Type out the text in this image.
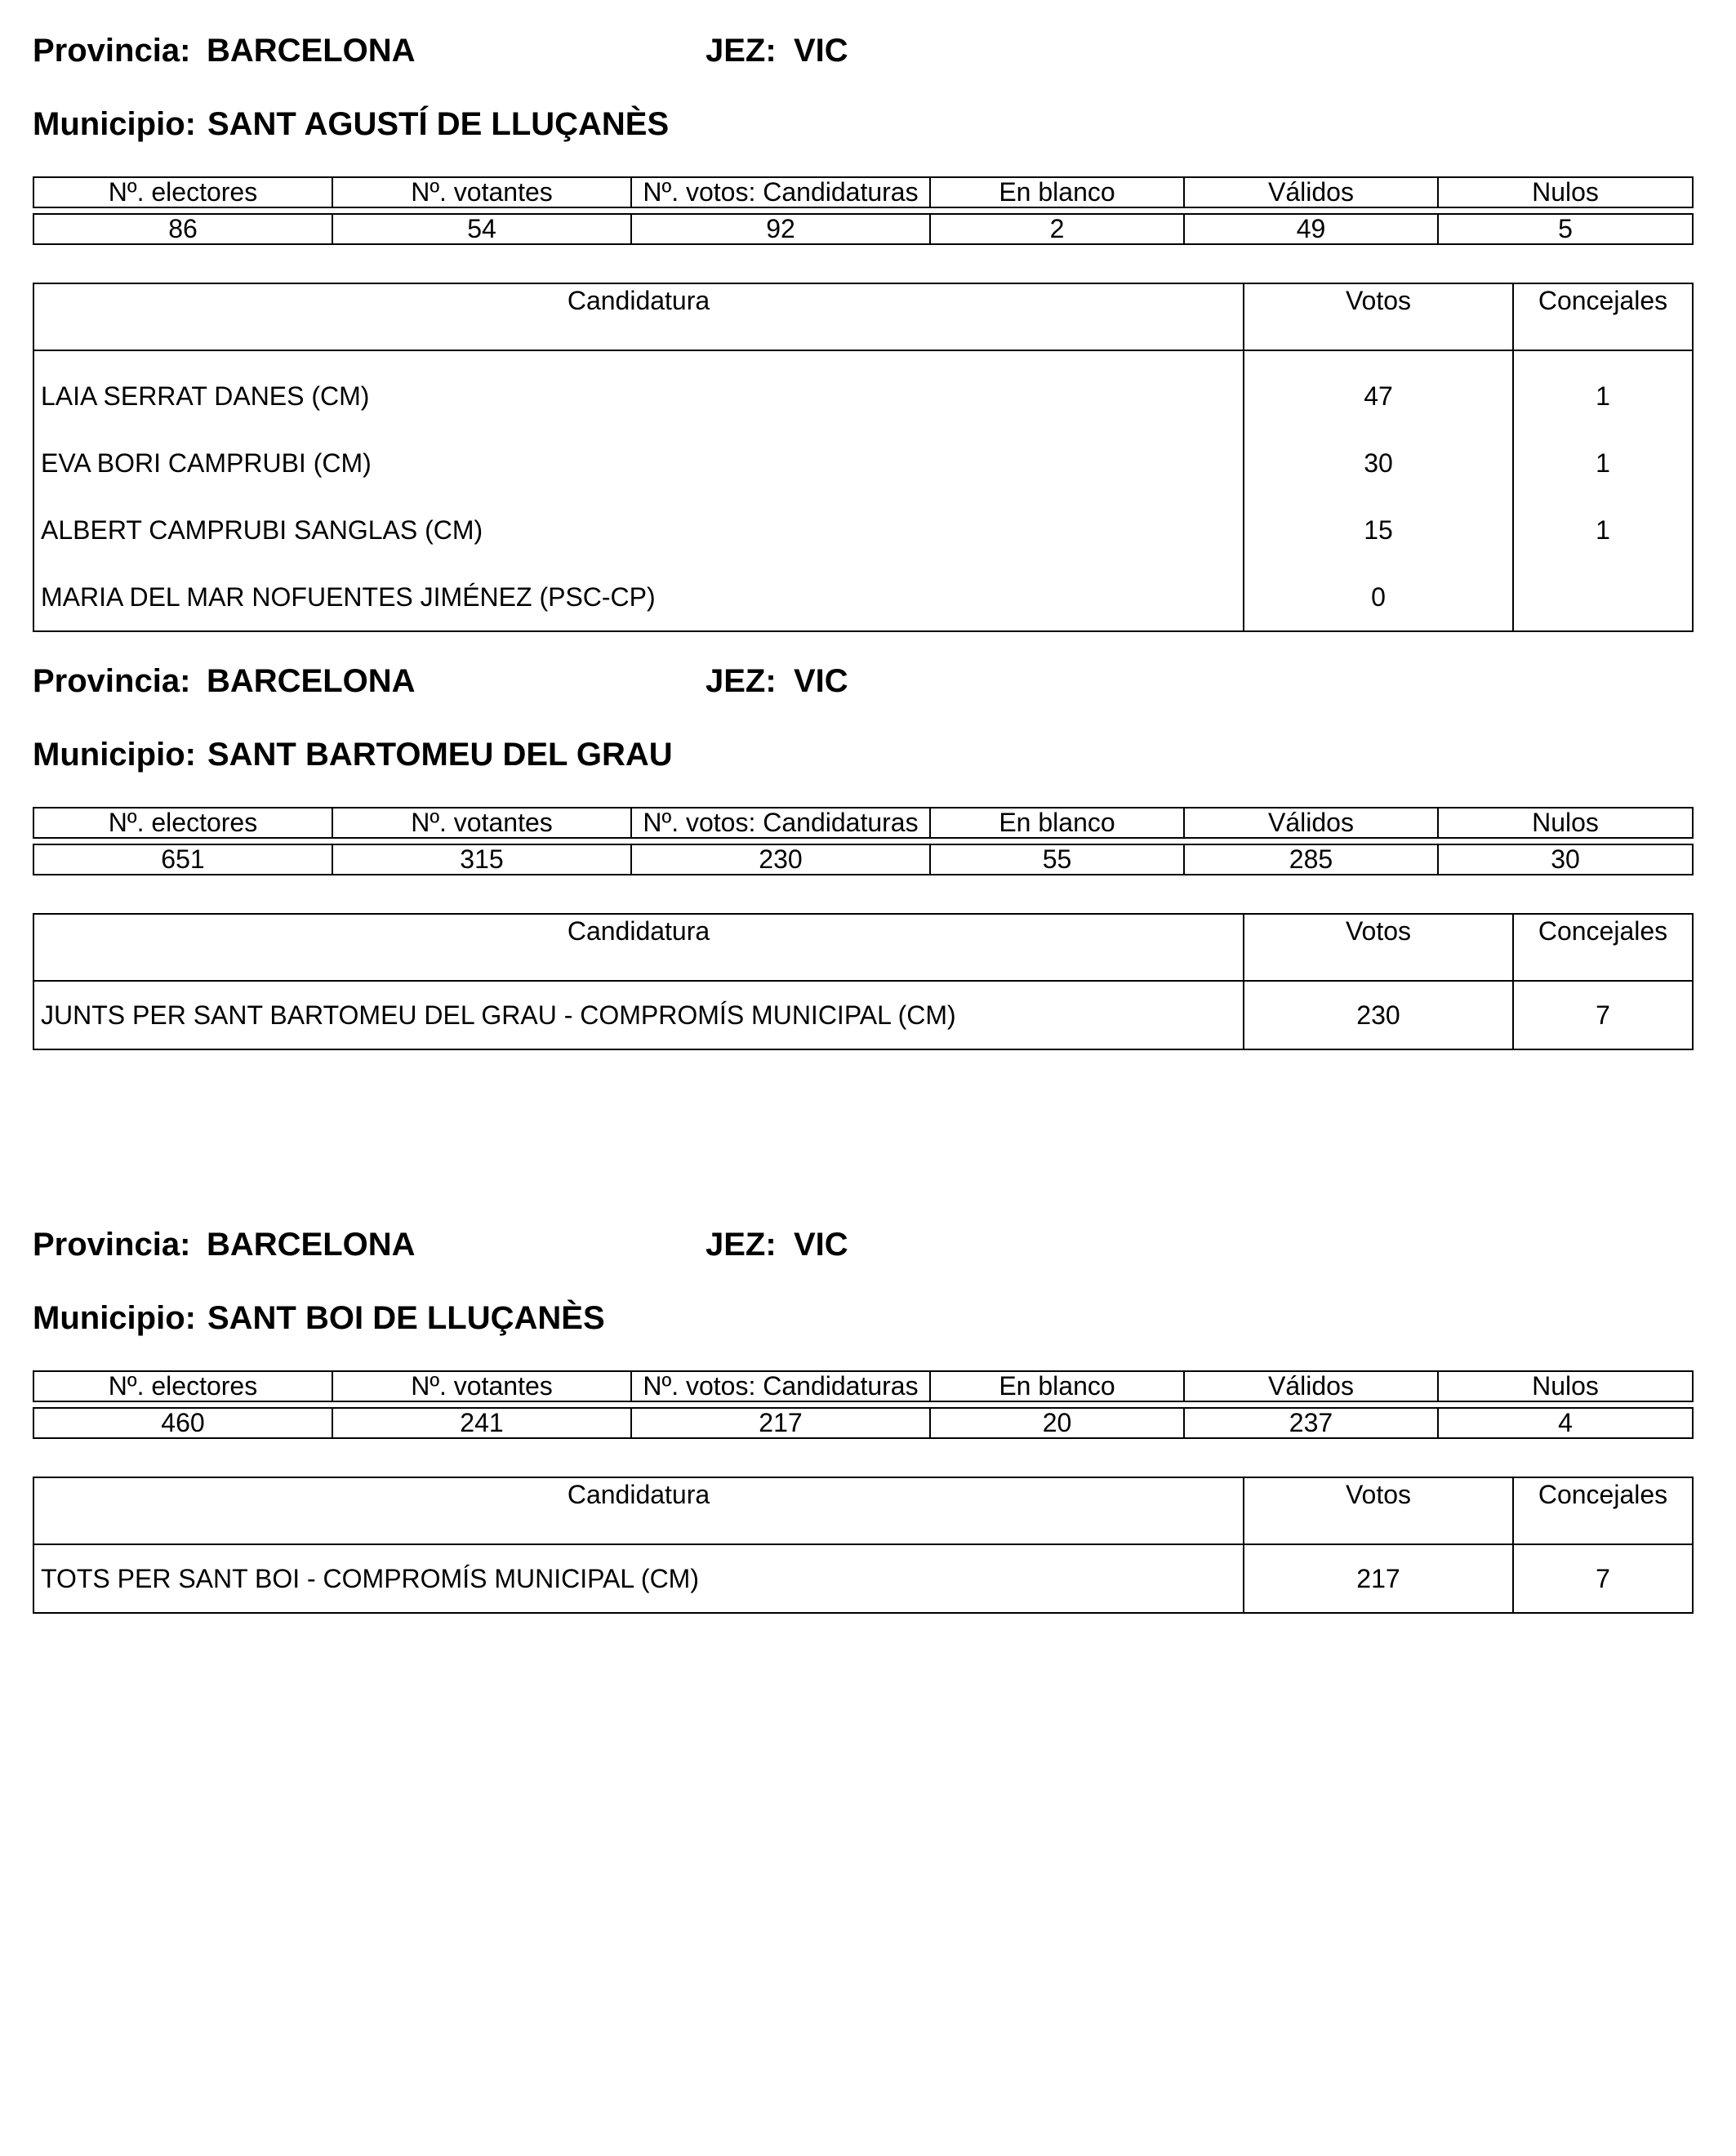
Provincia: BARCELONA	JEZ: VIC
Municipio: SANT AGUSTÍ DE LLUÇANÈS
Nº. electores	Nº. votantes	Nº. votos: Candidaturas	En blanco	Válidos	Nulos

86	54	92	2	49	5
Candidatura	Votos	Concejales
LAIA SERRAT DANES (CM)	47	1
EVA BORI CAMPRUBI (CM)	30	1
ALBERT CAMPRUBI SANGLAS (CM)	15	1
MARIA DEL MAR NOFUENTES JIMÉNEZ (PSC-CP)	0	
Provincia: BARCELONA	JEZ: VIC
Municipio: SANT BARTOMEU DEL GRAU
Nº. electores	Nº. votantes	Nº. votos: Candidaturas	En blanco	Válidos	Nulos

651	315	230	55	285	30
Candidatura	Votos	Concejales
JUNTS PER SANT BARTOMEU DEL GRAU - COMPROMÍS MUNICIPAL (CM)	230	7
Provincia: BARCELONA	JEZ: VIC
Municipio: SANT BOI DE LLUÇANÈS
Nº. electores	Nº. votantes	Nº. votos: Candidaturas	En blanco	Válidos	Nulos

460	241	217	20	237	4
Candidatura	Votos	Concejales
TOTS PER SANT BOI - COMPROMÍS MUNICIPAL (CM)	217	7
